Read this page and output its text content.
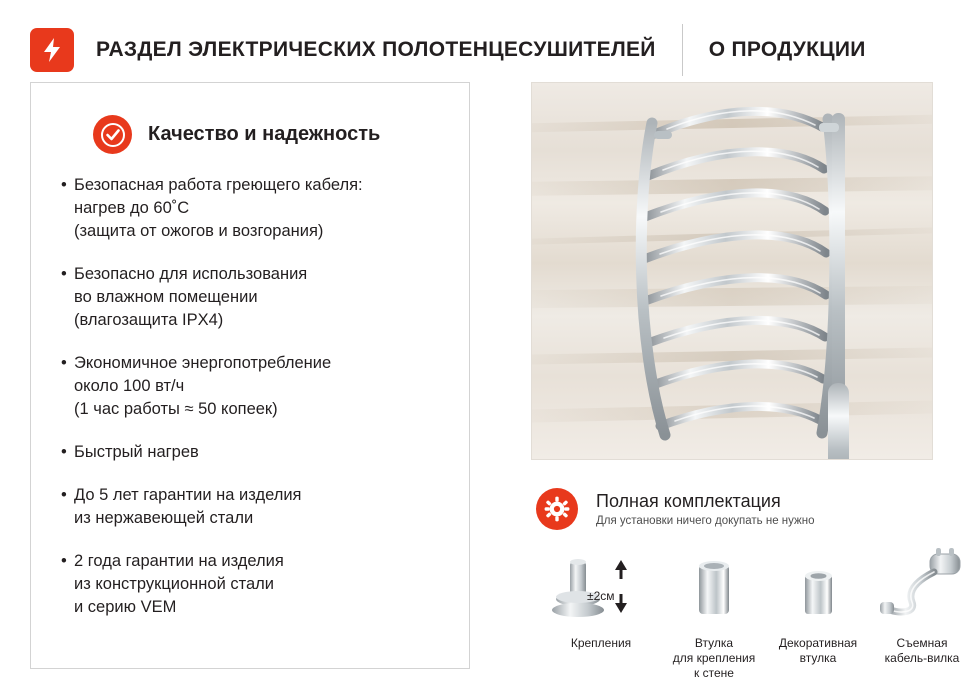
РАЗДЕЛ ЭЛЕКТРИЧЕСКИХ ПОЛОТЕНЦЕСУШИТЕЛЕЙ	О ПРОДУКЦИИ
Качество и надежность
• Безопасная работа греющего кабеля:
нагрев до 60˚С
(защита от ожогов и возгорания)
• Безопасно для использования
во влажном помещении
(влагозащита IPX4)
• Экономичное энергопотребление
около 100 вт/ч
(1 час работы ≈ 50 копеек)
• Быстрый нагрев
• До 5 лет гарантии на изделия
из нержавеющей стали
• 2 года гарантии на изделия
из конструкционной стали
и серию VEM
Полная комплектация
Для установки ничего докупать не нужно
Крепления
±2см
Втулка
для крепления
к стене
Декоративная
втулка
Съемная
кабель-вилка
